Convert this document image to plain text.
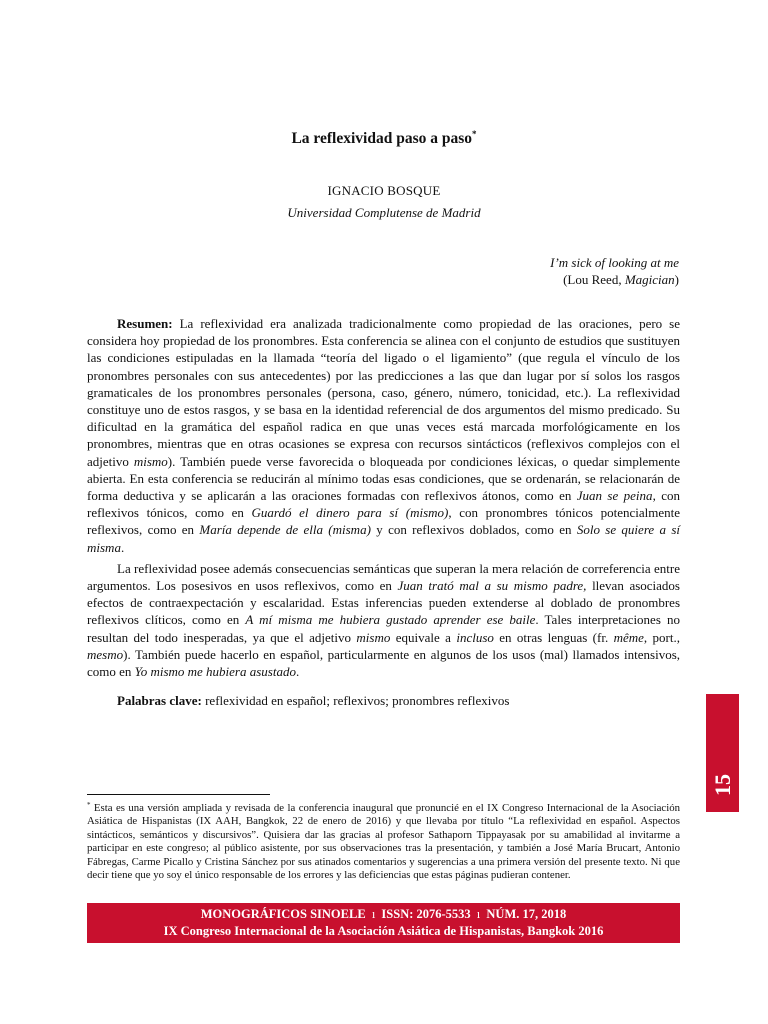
La reflexividad paso a paso*
IGNACIO BOSQUE
Universidad Complutense de Madrid
I’m sick of looking at me
(Lou Reed, Magician)

Resumen: La reflexividad era analizada tradicionalmente como propiedad de las oraciones, pero se considera hoy propiedad de los pronombres. Esta conferencia se alinea con el conjunto de estudios que sustituyen las condiciones estipuladas en la llamada “teoría del ligado o el ligamiento” (que regula el vínculo de los pronombres personales con sus antecedentes) por las predicciones a las que dan lugar por sí solos los rasgos gramaticales de los pronombres personales (persona, caso, género, número, tonicidad, etc.). La reflexividad constituye uno de estos rasgos, y se basa en la identidad referencial de dos argumentos del mismo predicado. Su dificultad en la gramática del español radica en que unas veces está marcada morfológicamente en los pronombres, mientras que en otras ocasiones se expresa con recursos sintácticos (reflexivos complejos con el adjetivo mismo). También puede verse favorecida o bloqueada por condiciones léxicas, o quedar simplemente abierta. En esta conferencia se reducirán al mínimo todas esas condiciones, que se ordenarán, se relacionarán de forma deductiva y se aplicarán a las oraciones formadas con reflexivos átonos, como en Juan se peina, con reflexivos tónicos, como en Guardó el dinero para sí (mismo), con pronombres tónicos potencialmente reflexivos, como en María depende de ella (misma) y con reflexivos doblados, como en Solo se quiere a sí misma.

La reflexividad posee además consecuencias semánticas que superan la mera relación de correferencia entre argumentos. Los posesivos en usos reflexivos, como en Juan trató mal a su mismo padre, llevan asociados efectos de contraexpectación y escalaridad. Estas inferencias pueden extenderse al doblado de pronombres reflexivos clíticos, como en A mí misma me hubiera gustado aprender ese baile. Tales interpretaciones no resultan del todo inesperadas, ya que el adjetivo mismo equivale a incluso en otras lenguas (fr. même, port., mesmo). También puede hacerlo en español, particularmente en algunos de los usos (mal) llamados intensivos, como en Yo mismo me hubiera asustado.

Palabras clave: reflexividad en español; reflexivos; pronombres reflexivos

15
* Esta es una versión ampliada y revisada de la conferencia inaugural que pronuncié en el IX Congreso Internacional de la Asociación Asiática de Hispanistas (IX AAH, Bangkok, 22 de enero de 2016) y que llevaba por título “La reflexividad en español. Aspectos sintácticos, semánticos y discursivos”. Quisiera dar las gracias al profesor Sathaporn Tippayasak por su amabilidad al invitarme a participar en este congreso; al público asistente, por sus observaciones tras la presentación, y también a José María Brucart, Antonio Fábregas, Carme Picallo y Cristina Sánchez por sus atinados comentarios y sugerencias a una primera versión del presente texto. Ni que decir tiene que yo soy el único responsable de los errores y las deficiencias que estas páginas pudieran contener.
MONOGRÁFICOS SINOELE ı ISSN: 2076-5533 ı NÚM. 17, 2018
IX Congreso Internacional de la Asociación Asiática de Hispanistas, Bangkok 2016
